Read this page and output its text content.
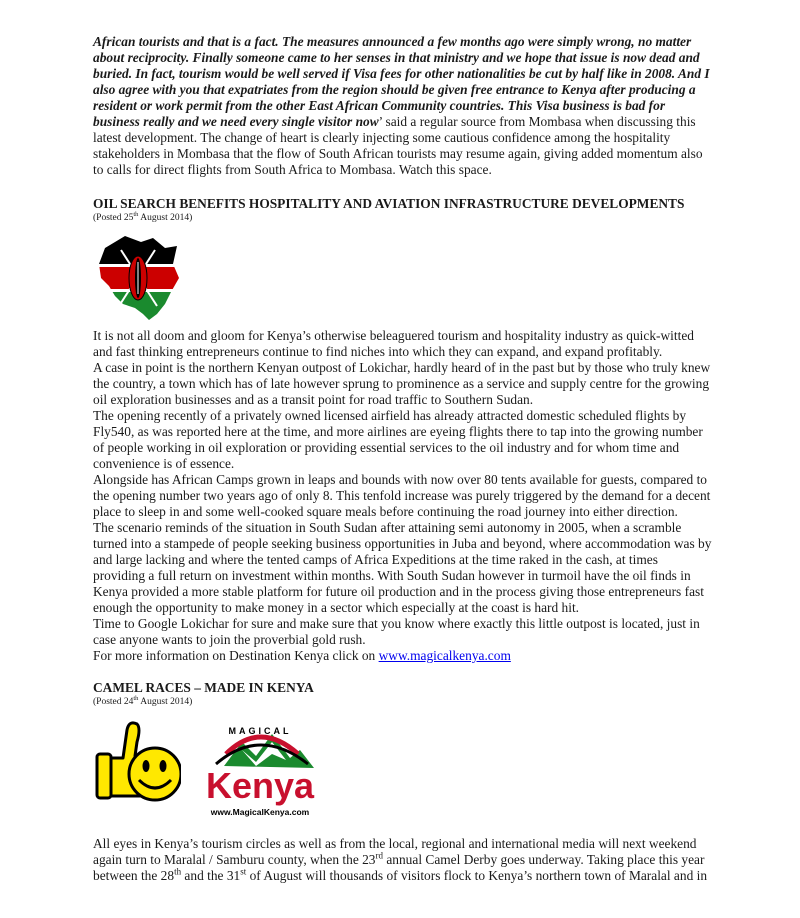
African tourists and that is a fact. The measures announced a few months ago were simply wrong, no matter about reciprocity. Finally someone came to her senses in that ministry and we hope that issue is now dead and buried. In fact, tourism would be well served if Visa fees for other nationalities be cut by half like in 2008. And I also agree with you that expatriates from the region should be given free entrance to Kenya after producing a resident or work permit from the other East African Community countries. This Visa business is bad for business really and we need every single visitor now’ said a regular source from Mombasa when discussing this latest development. The change of heart is clearly injecting some cautious confidence among the hospitality stakeholders in Mombasa that the flow of South African tourists may resume again, giving added momentum also to calls for direct flights from South Africa to Mombasa. Watch this space.

OIL SEARCH BENEFITS HOSPITALITY AND AVIATION INFRASTRUCTURE DEVELOPMENTS

(Posted 25th August 2014)

It is not all doom and gloom for Kenya’s otherwise beleaguered tourism and hospitality industry as quick-witted and fast thinking entrepreneurs continue to find niches into which they can expand, and expand profitably.

A case in point is the northern Kenyan outpost of Lokichar, hardly heard of in the past but by those who truly knew the country, a town which has of late however sprung to prominence as a service and supply centre for the growing oil exploration businesses and as a transit point for road traffic to Southern Sudan.

The opening recently of a privately owned licensed airfield has already attracted domestic scheduled flights by Fly540, as was reported here at the time, and more airlines are eyeing flights there to tap into the growing number of people working in oil exploration or providing essential services to the oil industry and for whom time and convenience is of essence.

Alongside has African Camps grown in leaps and bounds with now over 80 tents available for guests, compared to the opening number two years ago of only 8. This tenfold increase was purely triggered by the demand for a decent place to sleep in and some well-cooked square meals before continuing the road journey into either direction.

The scenario reminds of the situation in South Sudan after attaining semi autonomy in 2005, when a scramble turned into a stampede of people seeking business opportunities in Juba and beyond, where accommodation was by and large lacking and where the tented camps of Africa Expeditions at the time raked in the cash, at times providing a full return on investment within months. With South Sudan however in turmoil have the oil finds in Kenya provided a more stable platform for future oil production and in the process giving those entrepreneurs fast enough the opportunity to make money in a sector which especially at the coast is hard hit.

Time to Google Lokichar for sure and make sure that you know where exactly this little outpost is located, just in case anyone wants to join the proverbial gold rush.

For more information on Destination Kenya click on www.magicalkenya.com

CAMEL RACES – MADE IN KENYA

(Posted 24th August 2014)

MAGICAL
Kenya
www.MagicalKenya.com

All eyes in Kenya’s tourism circles as well as from the local, regional and international media will next weekend again turn to Maralal / Samburu county, when the 23rd annual Camel Derby goes underway. Taking place this year between the 28th and the 31st of August will thousands of visitors flock to Kenya’s northern town of Maralal and in
